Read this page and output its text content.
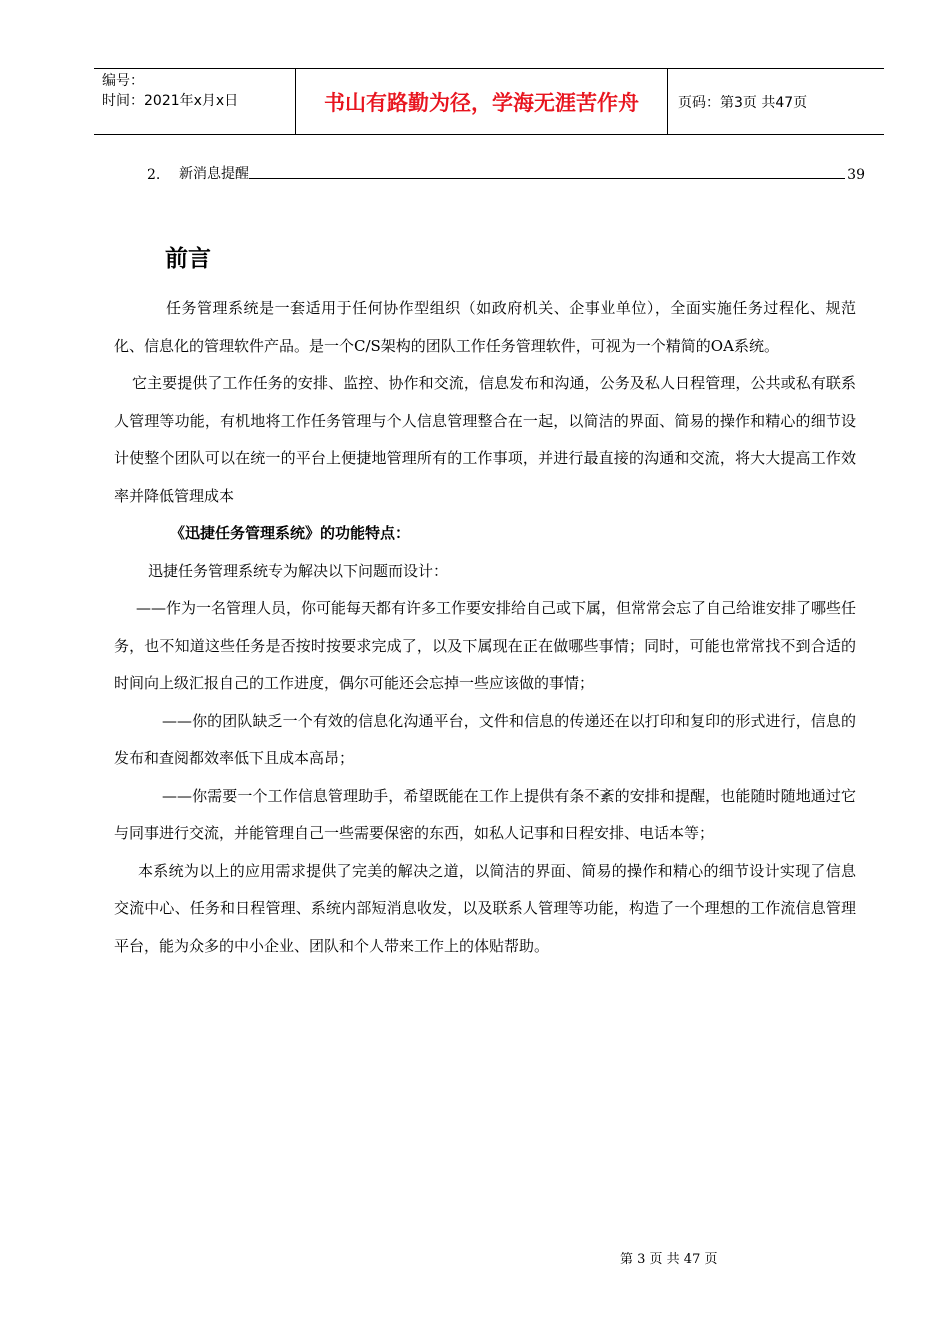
编号：
时间：2021年x月x日	书山有路勤为径，学海无涯苦作舟	页码：第3页 共47页
2.	新消息提醒	39
前言

任务管理系统是一套适用于任何协作型组织（如政府机关、企事业单位），全面实施任务过程化、规范化、信息化的管理软件产品。是一个C/S架构的团队工作任务管理软件，可视为一个精简的OA系统。

它主要提供了工作任务的安排、监控、协作和交流，信息发布和沟通，公务及私人日程管理，公共或私有联系人管理等功能，有机地将工作任务管理与个人信息管理整合在一起，以简洁的界面、简易的操作和精心的细节设计使整个团队可以在统一的平台上便捷地管理所有的工作事项，并进行最直接的沟通和交流，将大大提高工作效率并降低管理成本

《迅捷任务管理系统》的功能特点：

迅捷任务管理系统专为解决以下问题而设计：

——作为一名管理人员，你可能每天都有许多工作要安排给自己或下属，但常常会忘了自己给谁安排了哪些任务，也不知道这些任务是否按时按要求完成了，以及下属现在正在做哪些事情；同时，可能也常常找不到合适的时间向上级汇报自己的工作进度，偶尔可能还会忘掉一些应该做的事情；

——你的团队缺乏一个有效的信息化沟通平台，文件和信息的传递还在以打印和复印的形式进行，信息的发布和查阅都效率低下且成本高昂；

——你需要一个工作信息管理助手，希望既能在工作上提供有条不紊的安排和提醒，也能随时随地通过它与同事进行交流，并能管理自己一些需要保密的东西，如私人记事和日程安排、电话本等；

本系统为以上的应用需求提供了完美的解决之道，以简洁的界面、简易的操作和精心的细节设计实现了信息交流中心、任务和日程管理、系统内部短消息收发，以及联系人管理等功能，构造了一个理想的工作流信息管理平台，能为众多的中小企业、团队和个人带来工作上的体贴帮助。

第 3 页 共 47 页
